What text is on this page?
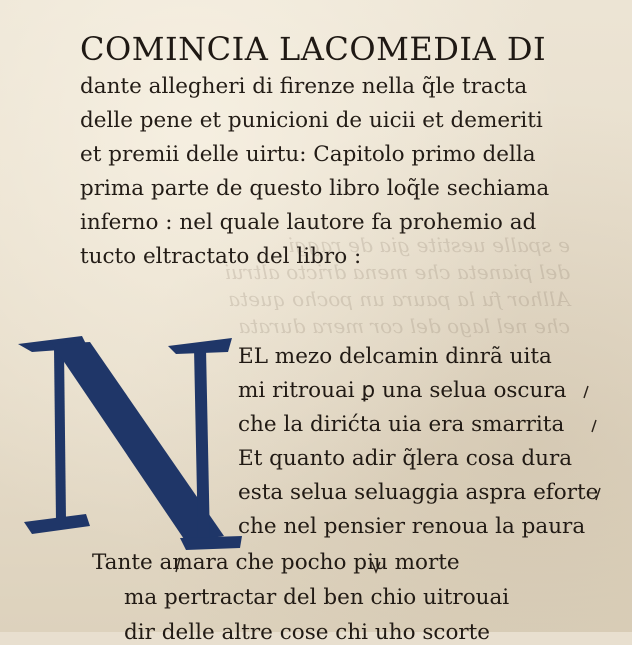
e spalle uestite gia de raggi
del pianeta che mena dricto altrui
Allhor fu la paura un pocho queta
che nel lago del cor mera durata
COMINCIA LACOMEDIA DI
dante allegheri di firenze nella q̃le tracta
delle pene et punicioni de uicii et demeriti
et premii delle uirtu: Capitolo primo della
prima parte de questo libro loq̃le sechiama
inferno : nel quale lautore fa prohemio ad
tucto eltractato del libro :
EL mezo delcamin dinrã uita
mi ritrouai ꝑ una selua oscura
che la dirićta uia era smarrita
Et quanto adir q̃lera cosa dura
esta selua seluaggia aspra eforte
che nel pensier renoua la paura
Tante amara che pocho piu morte
ma pertractar del ben chio uitrouai
dir delle altre cose chi uho scorte
